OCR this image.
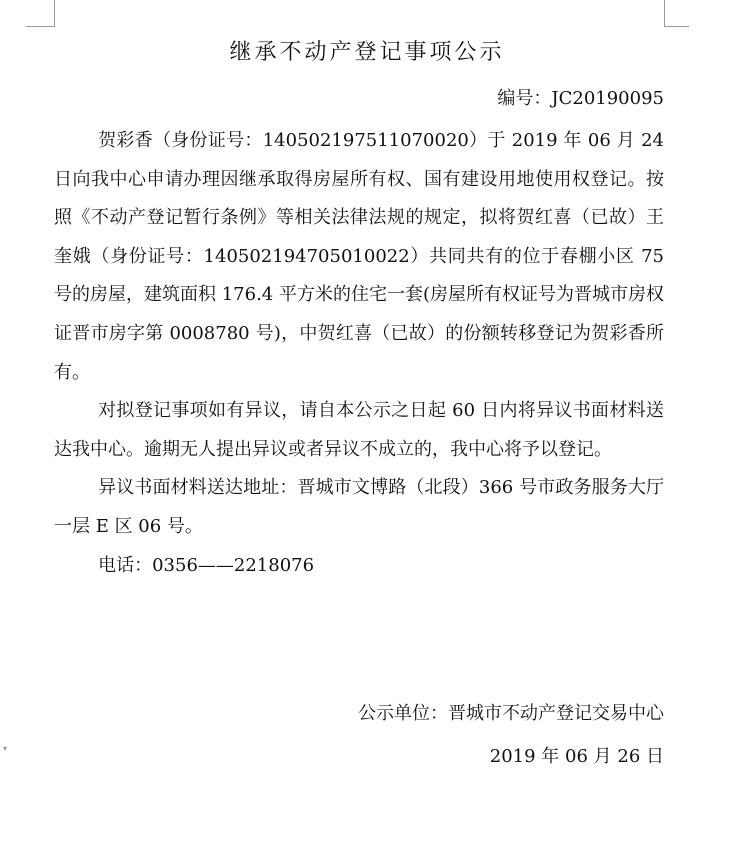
▾
继承不动产登记事项公示
编号：JC20190095

贺彩香（身份证号：140502197511070020）于 2019 年 06 月 24 日向我中心申请办理因继承取得房屋所有权、国有建设用地使用权登记。按照《不动产登记暂行条例》等相关法律法规的规定，拟将贺红喜（已故）王奎娥（身份证号：140502194705010022）共同共有的位于春棚小区 75 号的房屋，建筑面积 176.4 平方米的住宅一套(房屋所有权证号为晋城市房权证晋市房字第 0008780 号)，中贺红喜（已故）的份额转移登记为贺彩香所有。

对拟登记事项如有异议，请自本公示之日起 60 日内将异议书面材料送达我中心。逾期无人提出异议或者异议不成立的，我中心将予以登记。

异议书面材料送达地址：晋城市文博路（北段）366 号市政务服务大厅一层 E 区 06 号。

电话：0356——2218076

公示单位：晋城市不动产登记交易中心
2019 年 06 月 26 日
